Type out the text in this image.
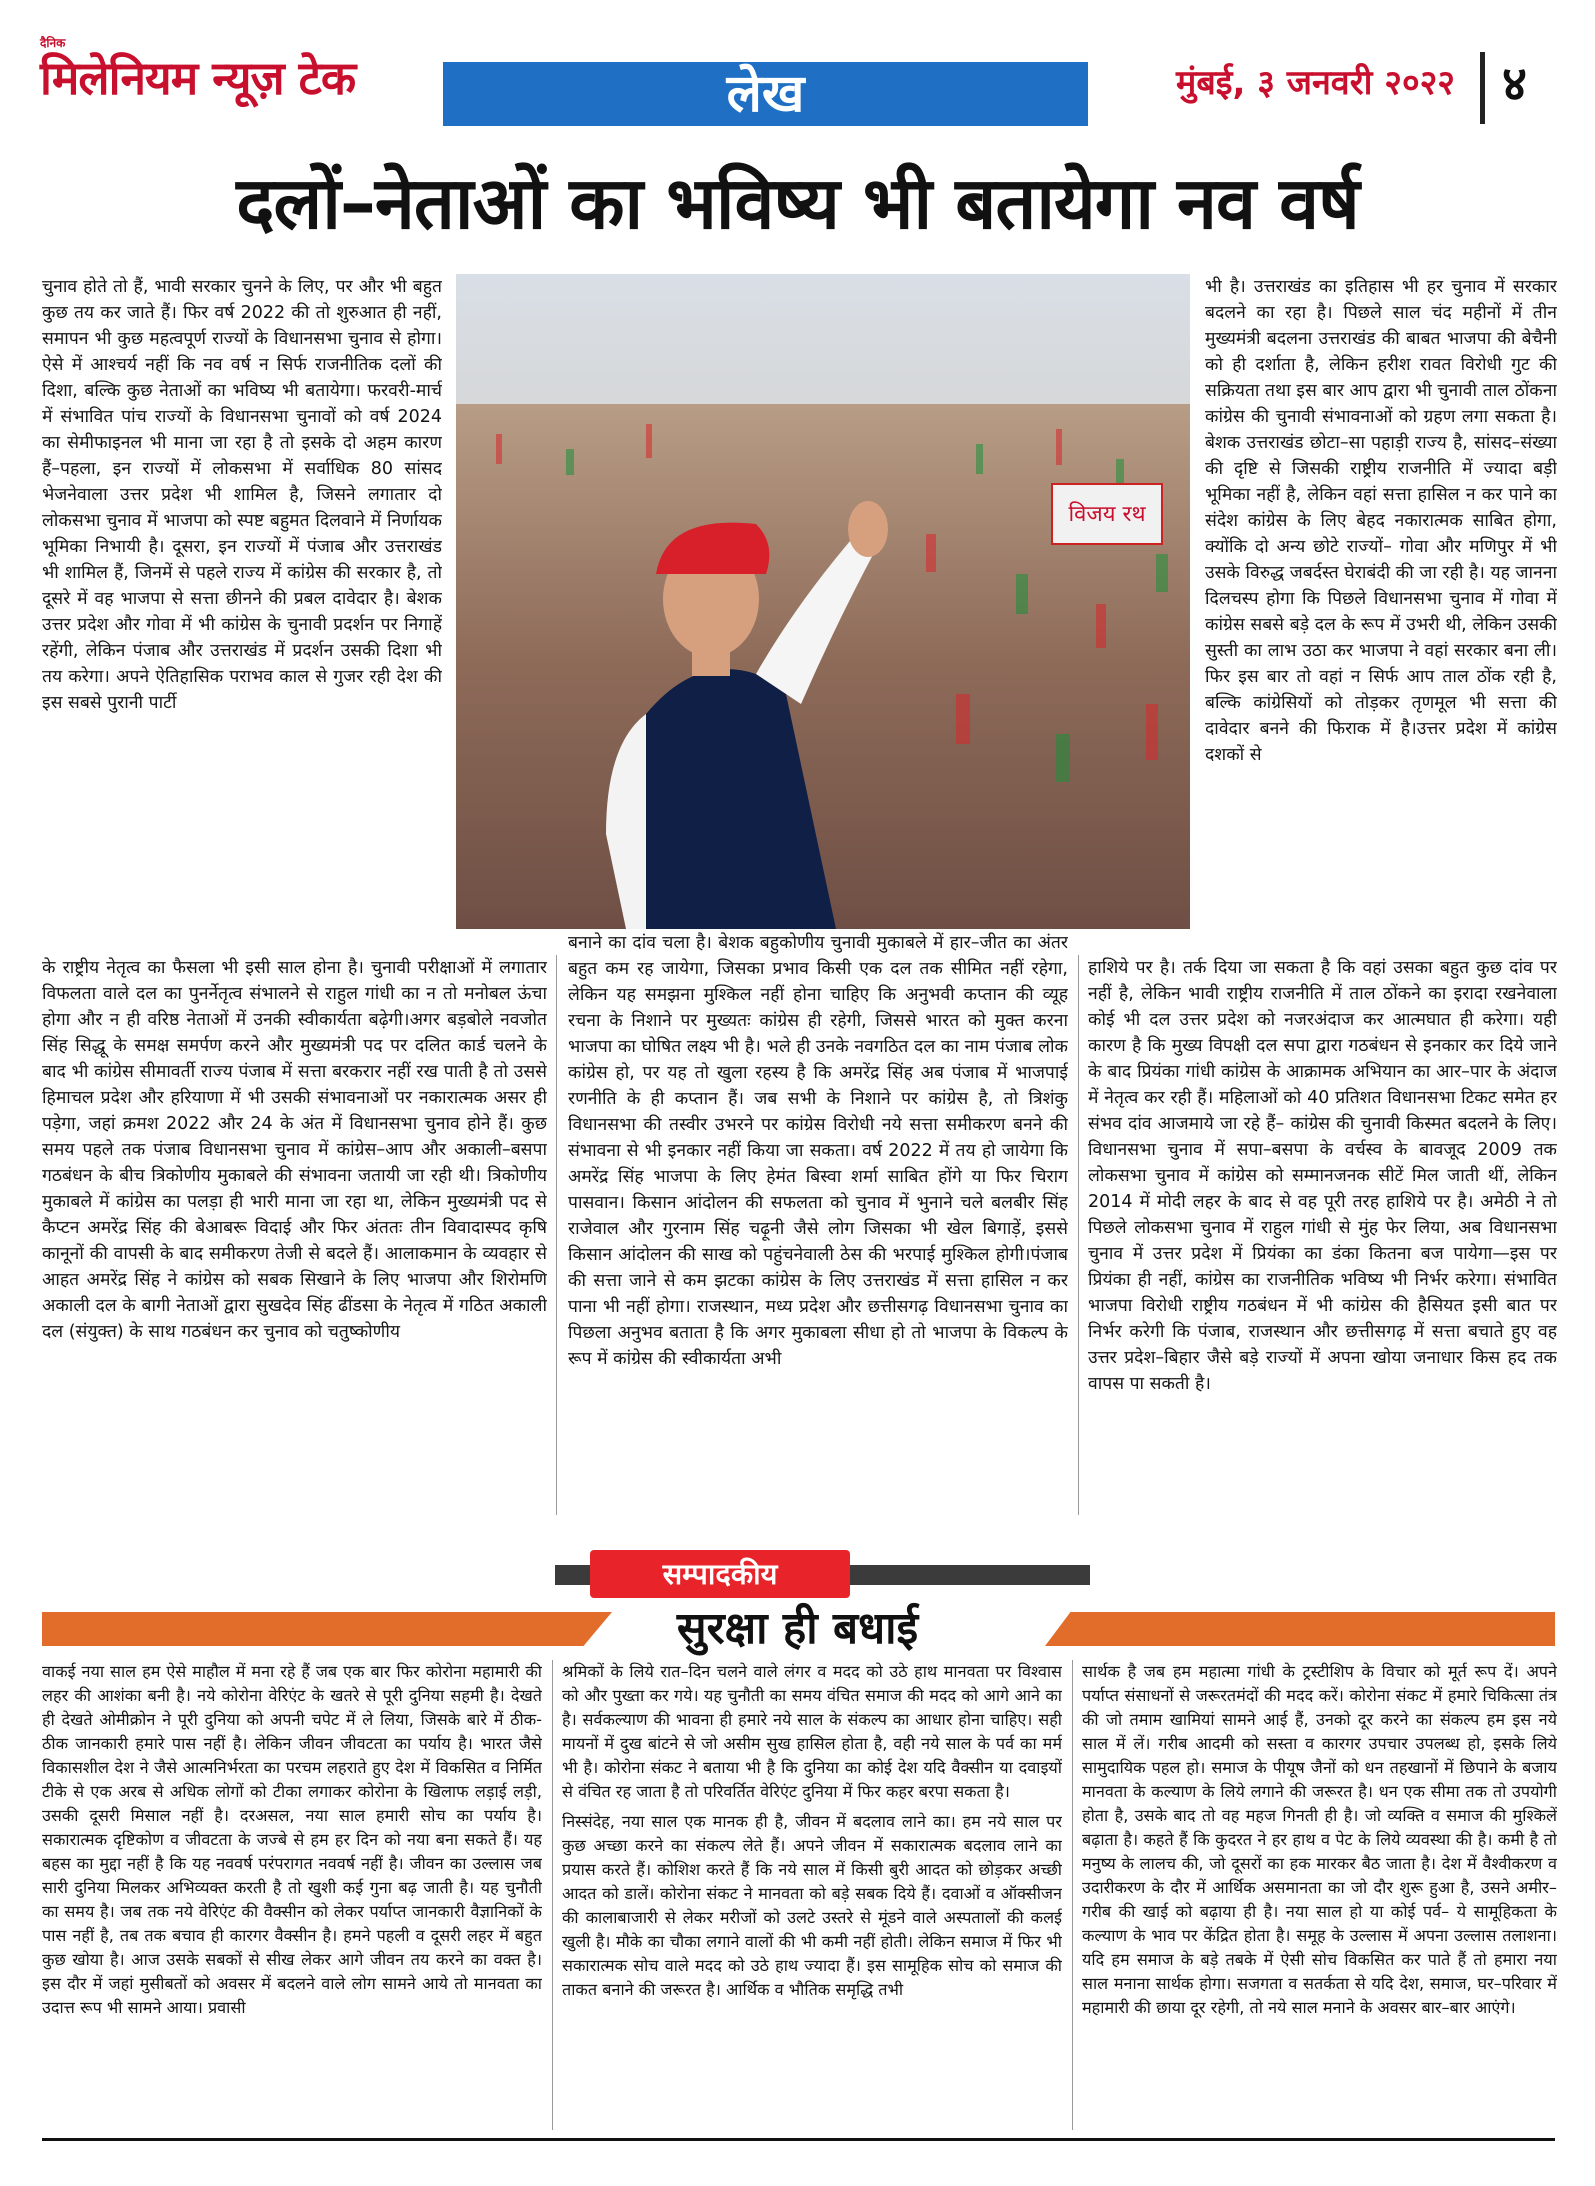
दैनिक
मिलेनियम न्यूज़ टेक	लेख	मुंबई, ३ जनवरी २०२२ ४
दलों–नेताओं का भविष्य भी बतायेगा नव वर्ष

चुनाव होते तो हैं, भावी सरकार चुनने के लिए, पर और भी बहुत कुछ तय कर जाते हैं। फिर वर्ष 2022 की तो शुरुआत ही नहीं, समापन भी कुछ महत्वपूर्ण राज्यों के विधानसभा चुनाव से होगा। ऐसे में आश्चर्य नहीं कि नव वर्ष न सिर्फ राजनीतिक दलों की दिशा, बल्कि कुछ नेताओं का भविष्य भी बतायेगा। फरवरी-मार्च में संभावित पांच राज्यों के विधानसभा चुनावों को वर्ष 2024 का सेमीफाइनल भी माना जा रहा है तो इसके दो अहम कारण हैं–पहला, इन राज्यों में लोकसभा में सर्वाधिक 80 सांसद भेजनेवाला उत्तर प्रदेश भी शामिल है, जिसने लगातार दो लोकसभा चुनाव में भाजपा को स्पष्ट बहुमत दिलवाने में निर्णायक भूमिका निभायी है। दूसरा, इन राज्यों में पंजाब और उत्तराखंड भी शामिल हैं, जिनमें से पहले राज्य में कांग्रेस की सरकार है, तो दूसरे में वह भाजपा से सत्ता छीनने की प्रबल दावेदार है। बेशक उत्तर प्रदेश और गोवा में भी कांग्रेस के चुनावी प्रदर्शन पर निगाहें रहेंगी, लेकिन पंजाब और उत्तराखंड में प्रदर्शन उसकी दिशा भी तय करेगा। अपने ऐतिहासिक पराभव काल से गुजर रही देश की इस सबसे पुरानी पार्टी

विजय रथ

भी है। उत्तराखंड का इतिहास भी हर चुनाव में सरकार बदलने का रहा है। पिछले साल चंद महीनों में तीन मुख्यमंत्री बदलना उत्तराखंड की बाबत भाजपा की बेचैनी को ही दर्शाता है, लेकिन हरीश रावत विरोधी गुट की सक्रियता तथा इस बार आप द्वारा भी चुनावी ताल ठोंकना कांग्रेस की चुनावी संभावनाओं को ग्रहण लगा सकता है। बेशक उत्तराखंड छोटा–सा पहाड़ी राज्य है, सांसद–संख्या की दृष्टि से जिसकी राष्ट्रीय राजनीति में ज्यादा बड़ी भूमिका नहीं है, लेकिन वहां सत्ता हासिल न कर पाने का संदेश कांग्रेस के लिए बेहद नकारात्मक साबित होगा, क्योंकि दो अन्य छोटे राज्यों– गोवा और मणिपुर में भी उसके विरुद्ध जबर्दस्त घेराबंदी की जा रही है। यह जानना दिलचस्प होगा कि पिछले विधानसभा चुनाव में गोवा में कांग्रेस सबसे बड़े दल के रूप में उभरी थी, लेकिन उसकी सुस्ती का लाभ उठा कर भाजपा ने वहां सरकार बना ली। फिर इस बार तो वहां न सिर्फ आप ताल ठोंक रही है, बल्कि कांग्रेसियों को तोड़कर तृणमूल भी सत्ता की दावेदार बनने की फिराक में है।उत्तर प्रदेश में कांग्रेस दशकों से

के राष्ट्रीय नेतृत्व का फैसला भी इसी साल होना है। चुनावी परीक्षाओं में लगातार विफलता वाले दल का पुनर्नेतृत्व संभालने से राहुल गांधी का न तो मनोबल ऊंचा होगा और न ही वरिष्ठ नेताओं में उनकी स्वीकार्यता बढ़ेगी।अगर बड़बोले नवजोत सिंह सिद्धू के समक्ष समर्पण करने और मुख्यमंत्री पद पर दलित कार्ड चलने के बाद भी कांग्रेस सीमावर्ती राज्य पंजाब में सत्ता बरकरार नहीं रख पाती है तो उससे हिमाचल प्रदेश और हरियाणा में भी उसकी संभावनाओं पर नकारात्मक असर ही पड़ेगा, जहां क्रमश 2022 और 24 के अंत में विधानसभा चुनाव होने हैं। कुछ समय पहले तक पंजाब विधानसभा चुनाव में कांग्रेस–आप और अकाली–बसपा गठबंधन के बीच त्रिकोणीय मुकाबले की संभावना जतायी जा रही थी। त्रिकोणीय मुकाबले में कांग्रेस का पलड़ा ही भारी माना जा रहा था, लेकिन मुख्यमंत्री पद से कैप्टन अमरेंद्र सिंह की बेआबरू विदाई और फिर अंततः तीन विवादास्पद कृषि कानूनों की वापसी के बाद समीकरण तेजी से बदले हैं। आलाकमान के व्यवहार से आहत अमरेंद्र सिंह ने कांग्रेस को सबक सिखाने के लिए भाजपा और शिरोमणि अकाली दल के बागी नेताओं द्वारा सुखदेव सिंह ढींडसा के नेतृत्व में गठित अकाली दल (संयुक्त) के साथ गठबंधन कर चुनाव को चतुष्कोणीय

बनाने का दांव चला है। बेशक बहुकोणीय चुनावी मुकाबले में हार–जीत का अंतर बहुत कम रह जायेगा, जिसका प्रभाव किसी एक दल तक सीमित नहीं रहेगा, लेकिन यह समझना मुश्किल नहीं होना चाहिए कि अनुभवी कप्तान की व्यूह रचना के निशाने पर मुख्यतः कांग्रेस ही रहेगी, जिससे भारत को मुक्त करना भाजपा का घोषित लक्ष्य भी है। भले ही उनके नवगठित दल का नाम पंजाब लोक कांग्रेस हो, पर यह तो खुला रहस्य है कि अमरेंद्र सिंह अब पंजाब में भाजपाई रणनीति के ही कप्तान हैं। जब सभी के निशाने पर कांग्रेस है, तो त्रिशंकु विधानसभा की तस्वीर उभरने पर कांग्रेस विरोधी नये सत्ता समीकरण बनने की संभावना से भी इनकार नहीं किया जा सकता। वर्ष 2022 में तय हो जायेगा कि अमरेंद्र सिंह भाजपा के लिए हेमंत बिस्वा शर्मा साबित होंगे या फिर चिराग पासवान। किसान आंदोलन की सफलता को चुनाव में भुनाने चले बलबीर सिंह राजेवाल और गुरनाम सिंह चढ़ूनी जैसे लोग जिसका भी खेल बिगाड़ें, इससे किसान आंदोलन की साख को पहुंचनेवाली ठेस की भरपाई मुश्किल होगी।पंजाब की सत्ता जाने से कम झटका कांग्रेस के लिए उत्तराखंड में सत्ता हासिल न कर पाना भी नहीं होगा। राजस्थान, मध्य प्रदेश और छत्तीसगढ़ विधानसभा चुनाव का पिछला अनुभव बताता है कि अगर मुकाबला सीधा हो तो भाजपा के विकल्प के रूप में कांग्रेस की स्वीकार्यता अभी

हाशिये पर है। तर्क दिया जा सकता है कि वहां उसका बहुत कुछ दांव पर नहीं है, लेकिन भावी राष्ट्रीय राजनीति में ताल ठोंकने का इरादा रखनेवाला कोई भी दल उत्तर प्रदेश को नजरअंदाज कर आत्मघात ही करेगा। यही कारण है कि मुख्य विपक्षी दल सपा द्वारा गठबंधन से इनकार कर दिये जाने के बाद प्रियंका गांधी कांग्रेस के आक्रामक अभियान का आर–पार के अंदाज में नेतृत्व कर रही हैं। महिलाओं को 40 प्रतिशत विधानसभा टिकट समेत हर संभव दांव आजमाये जा रहे हैं– कांग्रेस की चुनावी किस्मत बदलने के लिए। विधानसभा चुनाव में सपा–बसपा के वर्चस्व के बावजूद 2009 तक लोकसभा चुनाव में कांग्रेस को सम्मानजनक सीटें मिल जाती थीं, लेकिन 2014 में मोदी लहर के बाद से वह पूरी तरह हाशिये पर है। अमेठी ने तो पिछले लोकसभा चुनाव में राहुल गांधी से मुंह फेर लिया, अब विधानसभा चुनाव में उत्तर प्रदेश में प्रियंका का डंका कितना बज पायेगा—इस पर प्रियंका ही नहीं, कांग्रेस का राजनीतिक भविष्य भी निर्भर करेगा। संभावित भाजपा विरोधी राष्ट्रीय गठबंधन में भी कांग्रेस की हैसियत इसी बात पर निर्भर करेगी कि पंजाब, राजस्थान और छत्तीसगढ़ में सत्ता बचाते हुए वह उत्तर प्रदेश–बिहार जैसे बड़े राज्यों में अपना खोया जनाधार किस हद तक वापस पा सकती है।

सम्पादकीय
सुरक्षा ही बधाई

वाकई नया साल हम ऐसे माहौल में मना रहे हैं जब एक बार फिर कोरोना महामारी की लहर की आशंका बनी है। नये कोरोना वेरिएंट के खतरे से पूरी दुनिया सहमी है। देखते ही देखते ओमीक्रोन ने पूरी दुनिया को अपनी चपेट में ले लिया, जिसके बारे में ठीक-ठीक जानकारी हमारे पास नहीं है। लेकिन जीवन जीवटता का पर्याय है। भारत जैसे विकासशील देश ने जैसे आत्मनिर्भरता का परचम लहराते हुए देश में विकसित व निर्मित टीके से एक अरब से अधिक लोगों को टीका लगाकर कोरोना के खिलाफ लड़ाई लड़ी, उसकी दूसरी मिसाल नहीं है। दरअसल, नया साल हमारी सोच का पर्याय है। सकारात्मक दृष्टिकोण व जीवटता के जज्बे से हम हर दिन को नया बना सकते हैं। यह बहस का मुद्दा नहीं है कि यह नववर्ष परंपरागत नववर्ष नहीं है। जीवन का उल्लास जब सारी दुनिया मिलकर अभिव्यक्त करती है तो खुशी कई गुना बढ़ जाती है। यह चुनौती का समय है। जब तक नये वेरिएंट की वैक्सीन को लेकर पर्याप्त जानकारी वैज्ञानिकों के पास नहीं है, तब तक बचाव ही कारगर वैक्सीन है। हमने पहली व दूसरी लहर में बहुत कुछ खोया है। आज उसके सबकों से सीख लेकर आगे जीवन तय करने का वक्त है। इस दौर में जहां मुसीबतों को अवसर में बदलने वाले लोग सामने आये तो मानवता का उदात्त रूप भी सामने आया। प्रवासी

श्रमिकों के लिये रात–दिन चलने वाले लंगर व मदद को उठे हाथ मानवता पर विश्वास को और पुख्ता कर गये। यह चुनौती का समय वंचित समाज की मदद को आगे आने का है। सर्वकल्याण की भावना ही हमारे नये साल के संकल्प का आधार होना चाहिए। सही मायनों में दुख बांटने से जो असीम सुख हासिल होता है, वही नये साल के पर्व का मर्म भी है। कोरोना संकट ने बताया भी है कि दुनिया का कोई देश यदि वैक्सीन या दवाइयों से वंचित रह जाता है तो परिवर्तित वेरिएंट दुनिया में फिर कहर बरपा सकता है।

निस्संदेह, नया साल एक मानक ही है, जीवन में बदलाव लाने का। हम नये साल पर कुछ अच्छा करने का संकल्प लेते हैं। अपने जीवन में सकारात्मक बदलाव लाने का प्रयास करते हैं। कोशिश करते हैं कि नये साल में किसी बुरी आदत को छोड़कर अच्छी आदत को डालें। कोरोना संकट ने मानवता को बड़े सबक दिये हैं। दवाओं व ऑक्सीजन की कालाबाजारी से लेकर मरीजों को उलटे उस्तरे से मूंडने वाले अस्पतालों की कलई खुली है। मौके का चौका लगाने वालों की भी कमी नहीं होती। लेकिन समाज में फिर भी सकारात्मक सोच वाले मदद को उठे हाथ ज्यादा हैं। इस सामूहिक सोच को समाज की ताकत बनाने की जरूरत है। आर्थिक व भौतिक समृद्धि तभी

सार्थक है जब हम महात्मा गांधी के ट्रस्टीशिप के विचार को मूर्त रूप दें। अपने पर्याप्त संसाधनों से जरूरतमंदों की मदद करें। कोरोना संकट में हमारे चिकित्सा तंत्र की जो तमाम खामियां सामने आई हैं, उनको दूर करने का संकल्प हम इस नये साल में लें। गरीब आदमी को सस्ता व कारगर उपचार उपलब्ध हो, इसके लिये सामुदायिक पहल हो। समाज के पीयूष जैनों को धन तहखानों में छिपाने के बजाय मानवता के कल्याण के लिये लगाने की जरूरत है। धन एक सीमा तक तो उपयोगी होता है, उसके बाद तो वह महज गिनती ही है। जो व्यक्ति व समाज की मुश्किलें बढ़ाता है। कहते हैं कि कुदरत ने हर हाथ व पेट के लिये व्यवस्था की है। कमी है तो मनुष्य के लालच की, जो दूसरों का हक मारकर बैठ जाता है। देश में वैश्वीकरण व उदारीकरण के दौर में आर्थिक असमानता का जो दौर शुरू हुआ है, उसने अमीर–गरीब की खाई को बढ़ाया ही है। नया साल हो या कोई पर्व– ये सामूहिकता के कल्याण के भाव पर केंद्रित होता है। समूह के उल्लास में अपना उल्लास तलाशना। यदि हम समाज के बड़े तबके में ऐसी सोच विकसित कर पाते हैं तो हमारा नया साल मनाना सार्थक होगा। सजगता व सतर्कता से यदि देश, समाज, घर–परिवार में महामारी की छाया दूर रहेगी, तो नये साल मनाने के अवसर बार–बार आएंगे।
